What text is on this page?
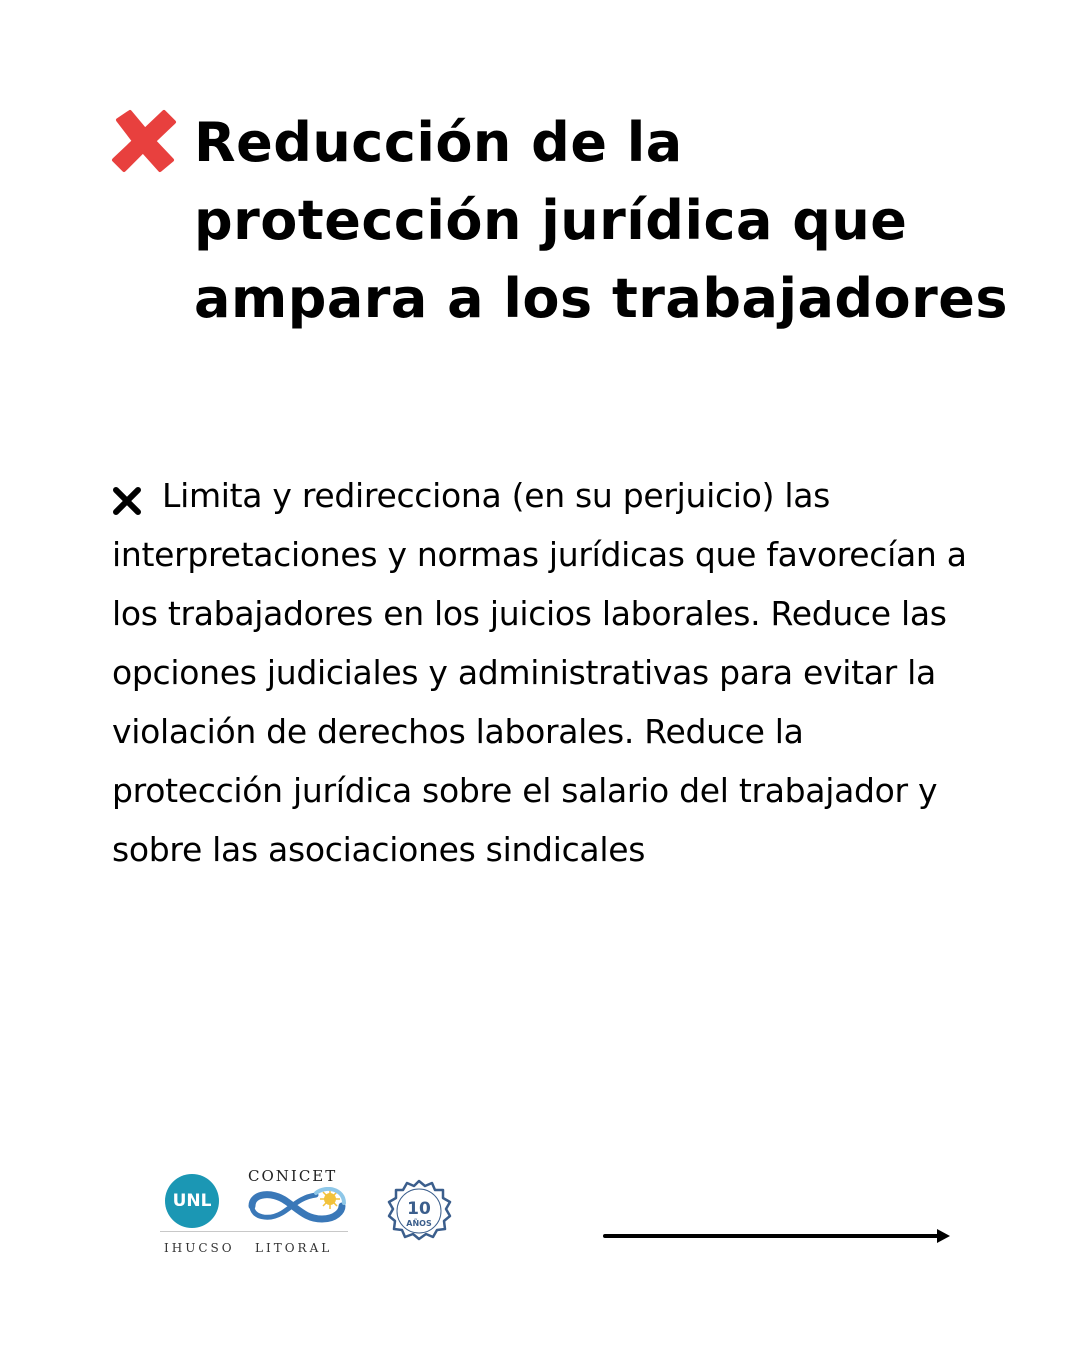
Reducción de la protección jurídica que ampara a los trabajadores

Limita y redirecciona (en su perjuicio) las interpretaciones y normas jurídicas que favorecían a los trabajadores en los juicios laborales. Reduce las opciones judiciales y administrativas para evitar la violación de derechos laborales. Reduce la protección jurídica sobre el salario del trabajador y sobre las asociaciones sindicales

UNL
CONICET
IHUCSO   LITORAL
10
AÑOS
